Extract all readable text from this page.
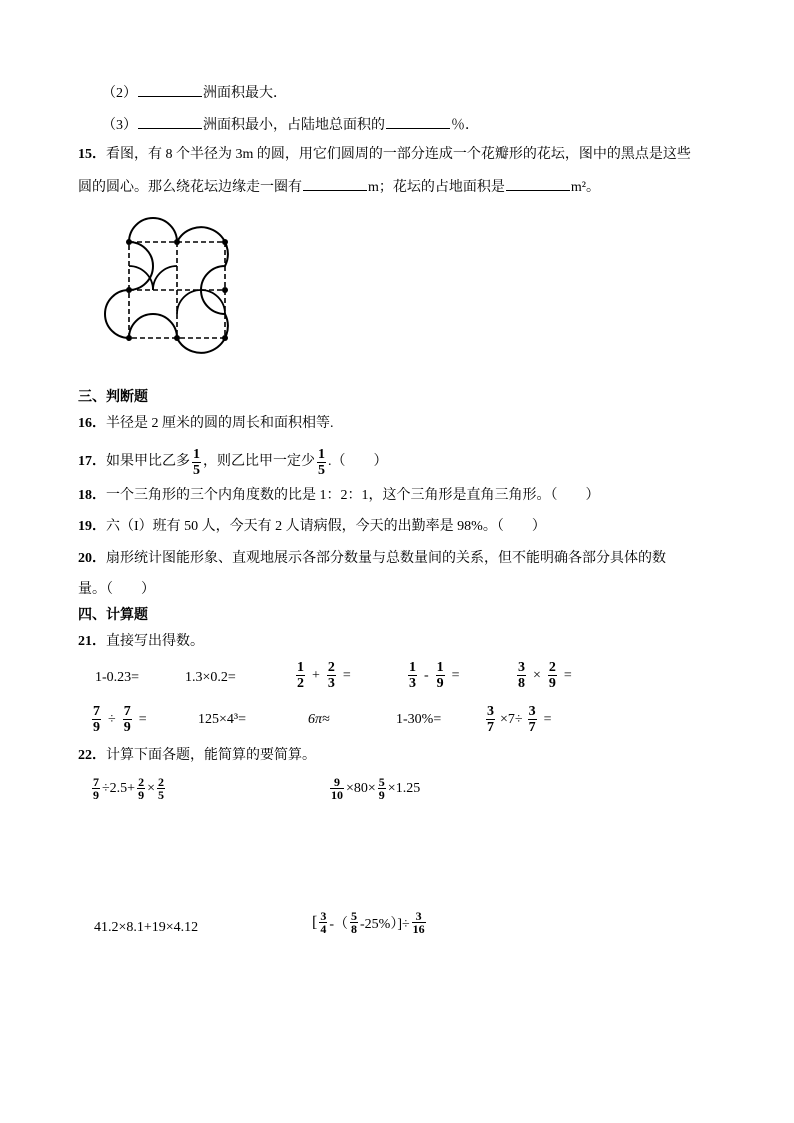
（2）	洲面积最大．
（3）	洲面积最小，占陆地总面积的	％．
15．看图，有 8 个半径为 3m 的圆，用它们圆周的一部分连成一个花瓣形的花坛，图中的黑点是这些
圆的圆心。那么绕花坛边缘走一圈有	m；花坛的占地面积是	m²。
三、判断题
16．半径是 2 厘米的圆的周长和面积相等.
17． 如果甲比乙多 $\frac{1}{5}$ ，则乙比甲一定少 $\frac{1}{5}$ .（　　）
18．一个三角形的三个内角度数的比是 1：2：1，这个三角形是直角三角形。（　　）
19．六（I）班有 50 人，今天有 2 人请病假，今天的出勤率是 98%。（　　）
20．扇形统计图能形象、直观地展示各部分数量与总数量间的关系，但不能明确各部分具体的数
量。（　　）
四、计算题
21．直接写出得数。
1-0.23=	1.3×0.2=	$\frac{1}{2} + \frac{2}{3}$ =	$\frac{1}{3} - \frac{1}{9}$ =	$\frac{3}{8} \times \frac{2}{9}$ =
$\frac{7}{9} \div \frac{7}{9}$ =	125×4³=	6π≈	1-30%=	$\frac{3}{7} \times 7\div \frac{3}{7}$ =
22．计算下面各题，能简算的要简算。
$\frac{7}{9} \div 2.5+ \frac{2}{9} \times \frac{2}{5}$	$\frac{9}{10} \times 80\times \frac{5}{9} \times 1.25$
41.2×8.1+19×4.12	[ $\frac{3}{4}$ -（ $\frac{5}{8} -25\%)]\div \frac{3}{16}$
